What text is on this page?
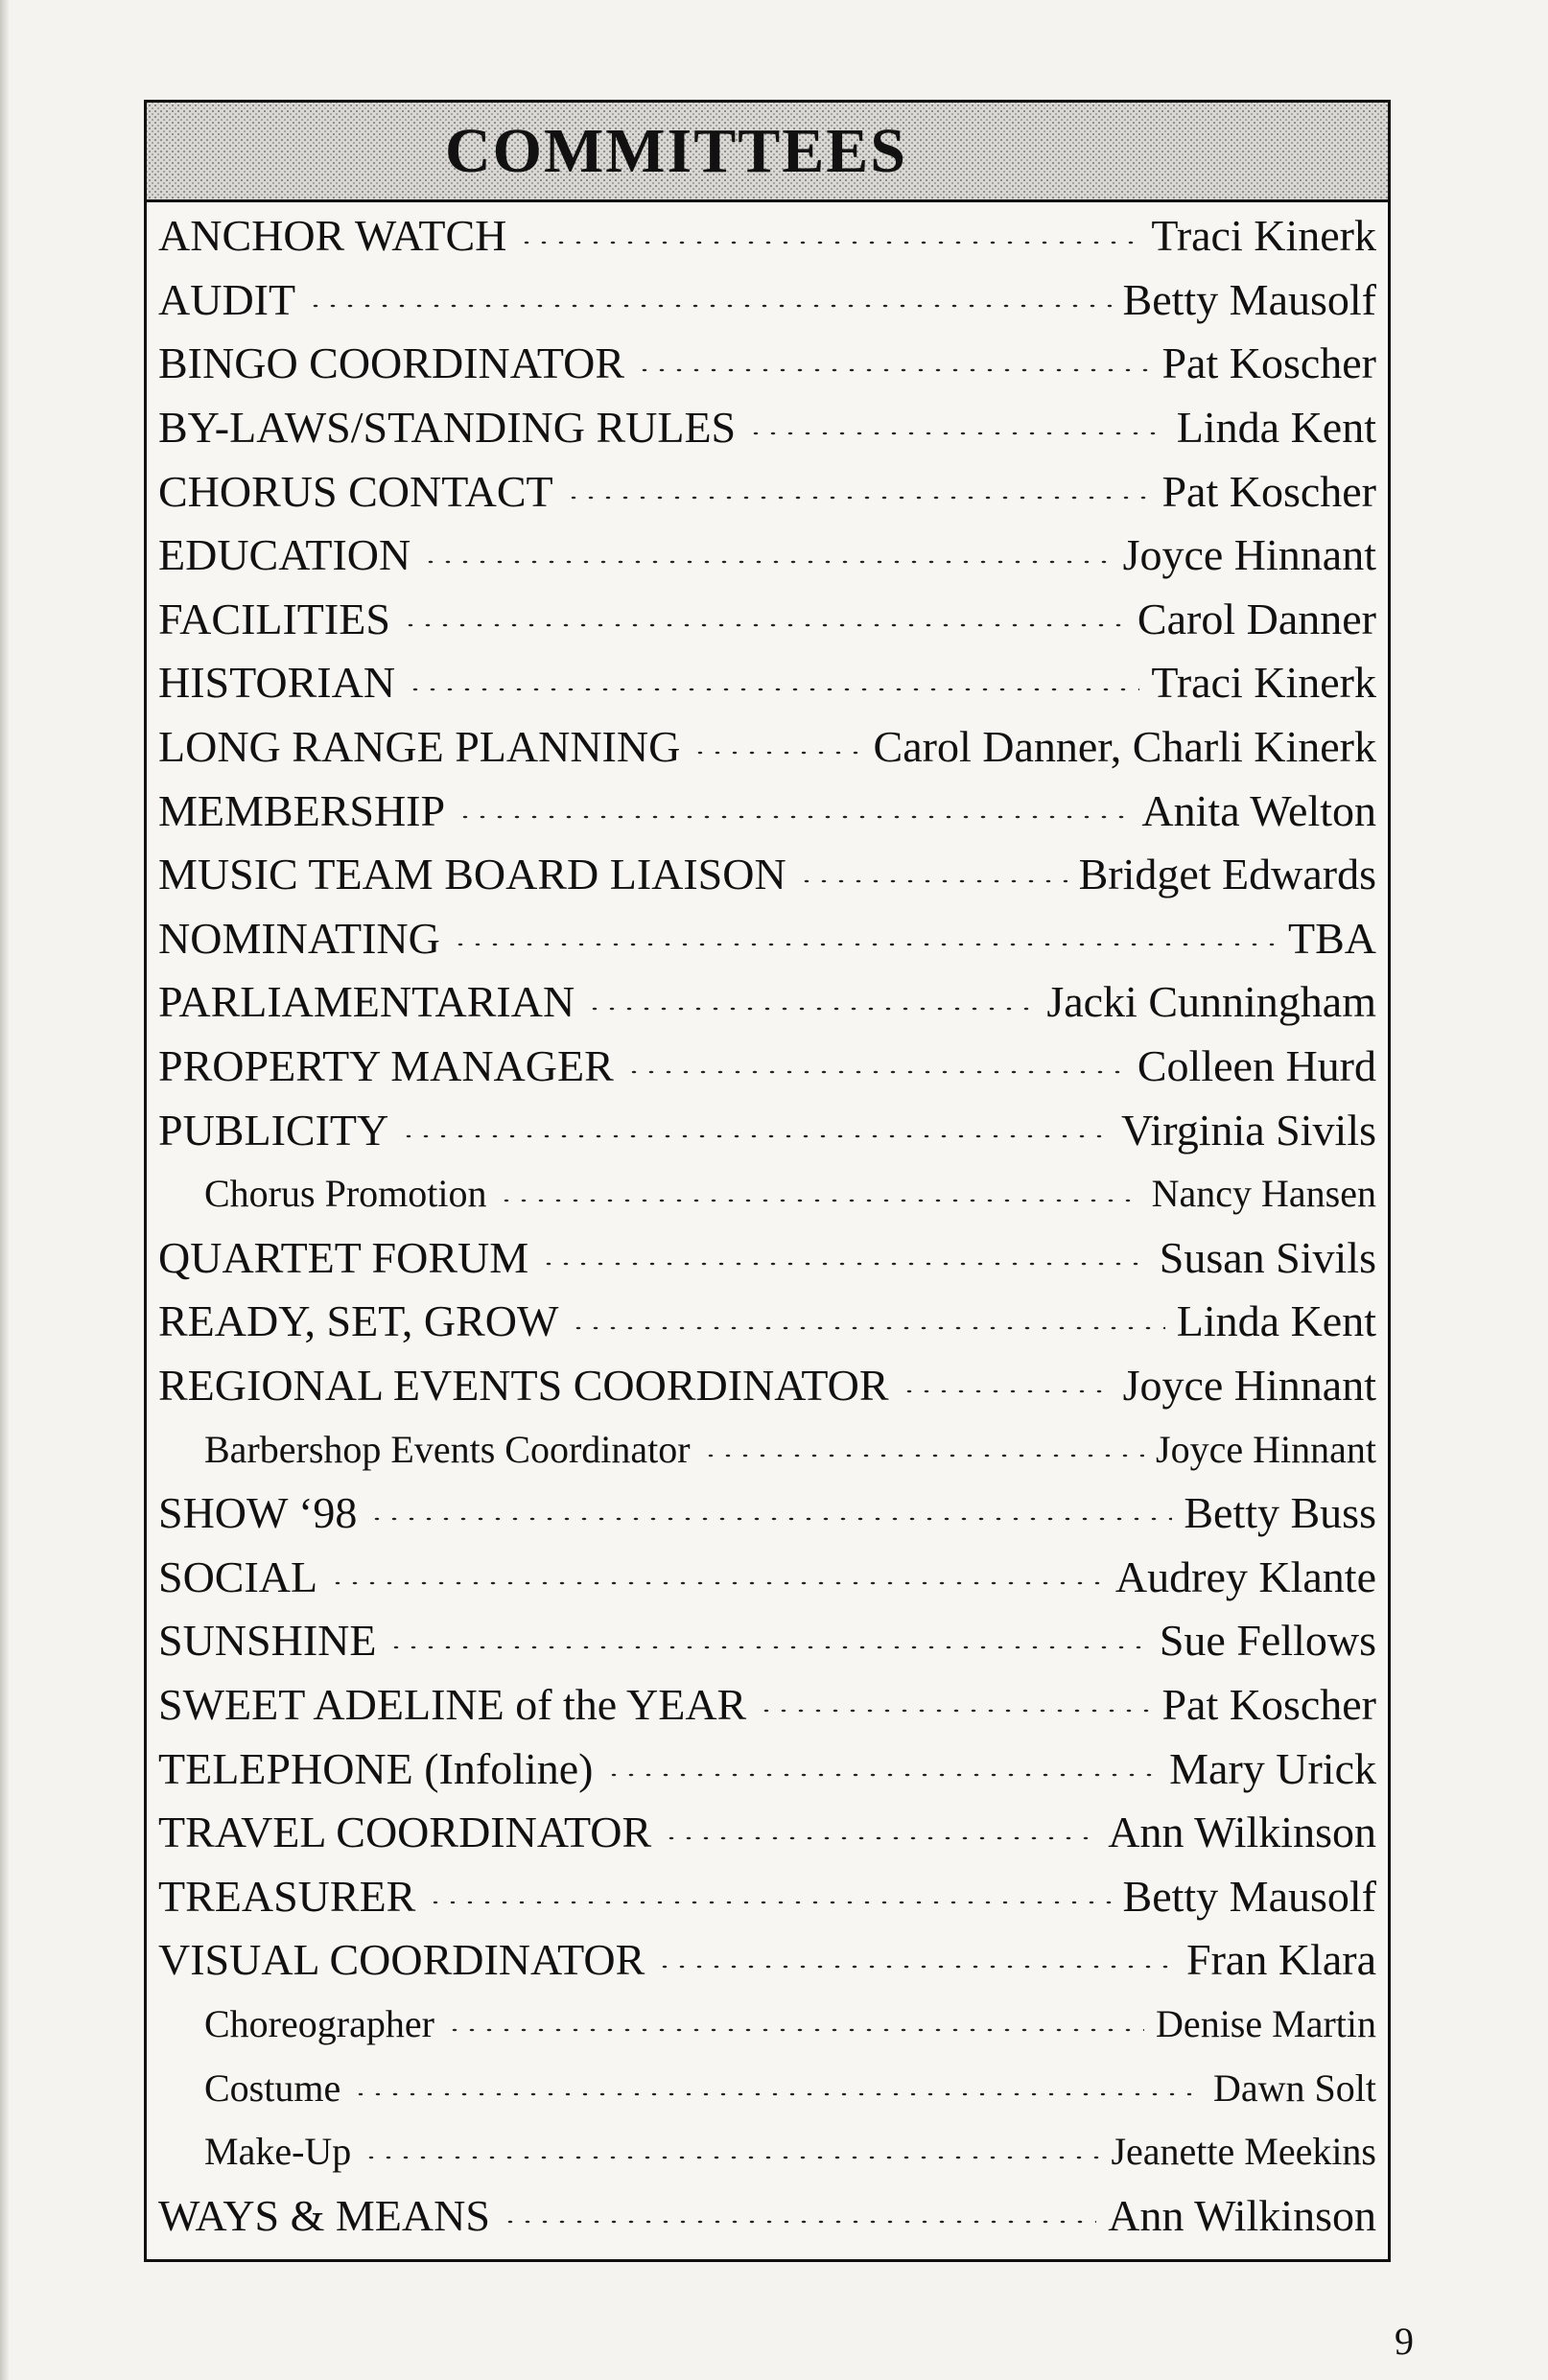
COMMITTEES
ANCHOR WATCH	Traci Kinerk
AUDIT	Betty Mausolf
BINGO COORDINATOR	Pat Koscher
BY-LAWS/STANDING RULES	Linda Kent
CHORUS CONTACT	Pat Koscher
EDUCATION	Joyce Hinnant
FACILITIES	Carol Danner
HISTORIAN	Traci Kinerk
LONG RANGE PLANNING	Carol Danner, Charli Kinerk
MEMBERSHIP	Anita Welton
MUSIC TEAM BOARD LIAISON	Bridget Edwards
NOMINATING	TBA
PARLIAMENTARIAN	Jacki Cunningham
PROPERTY MANAGER	Colleen Hurd
PUBLICITY	Virginia Sivils
Chorus Promotion	Nancy Hansen
QUARTET FORUM	Susan Sivils
READY, SET, GROW	Linda Kent
REGIONAL EVENTS COORDINATOR	Joyce Hinnant
Barbershop Events Coordinator	Joyce Hinnant
SHOW ‘98	Betty Buss
SOCIAL	Audrey Klante
SUNSHINE	Sue Fellows
SWEET ADELINE of the YEAR	Pat Koscher
TELEPHONE (Infoline)	Mary Urick
TRAVEL COORDINATOR	Ann Wilkinson
TREASURER	Betty Mausolf
VISUAL COORDINATOR	Fran Klara
Choreographer	Denise Martin
Costume	Dawn Solt
Make-Up	Jeanette Meekins
WAYS & MEANS	Ann Wilkinson
9
